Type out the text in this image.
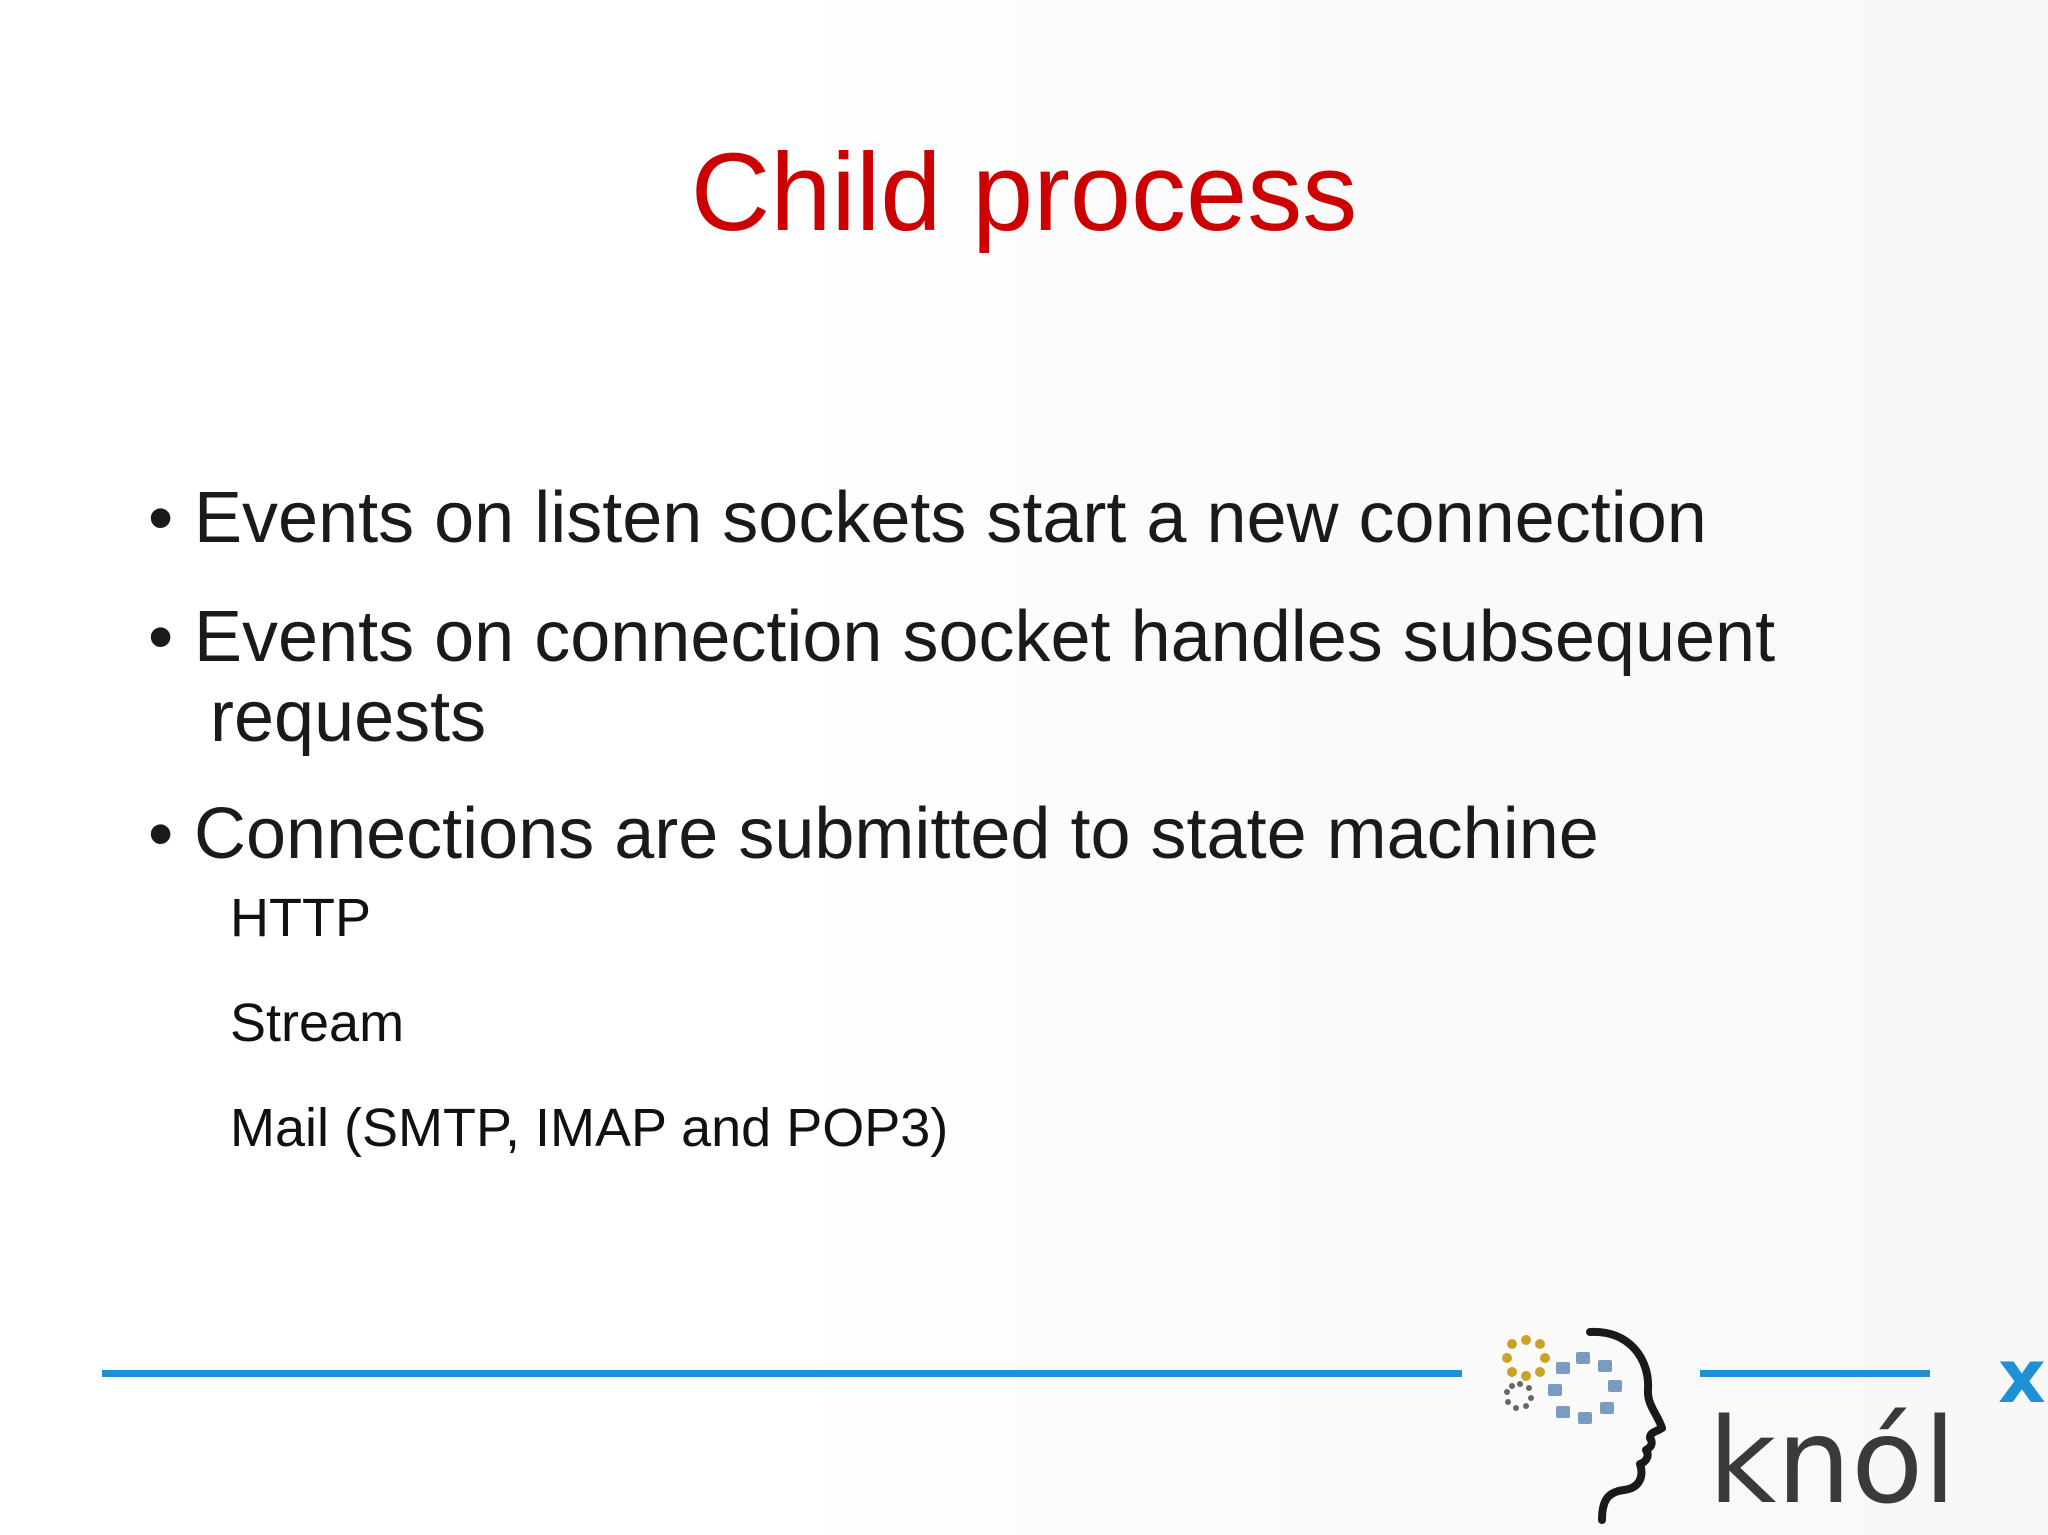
Child process
• Events on listen sockets start a new connection
• Events on connection socket handles subsequent
requests
• Connections are submitted to state machine
HTTP
Stream
Mail (SMTP, IMAP and POP3)
knól
x
